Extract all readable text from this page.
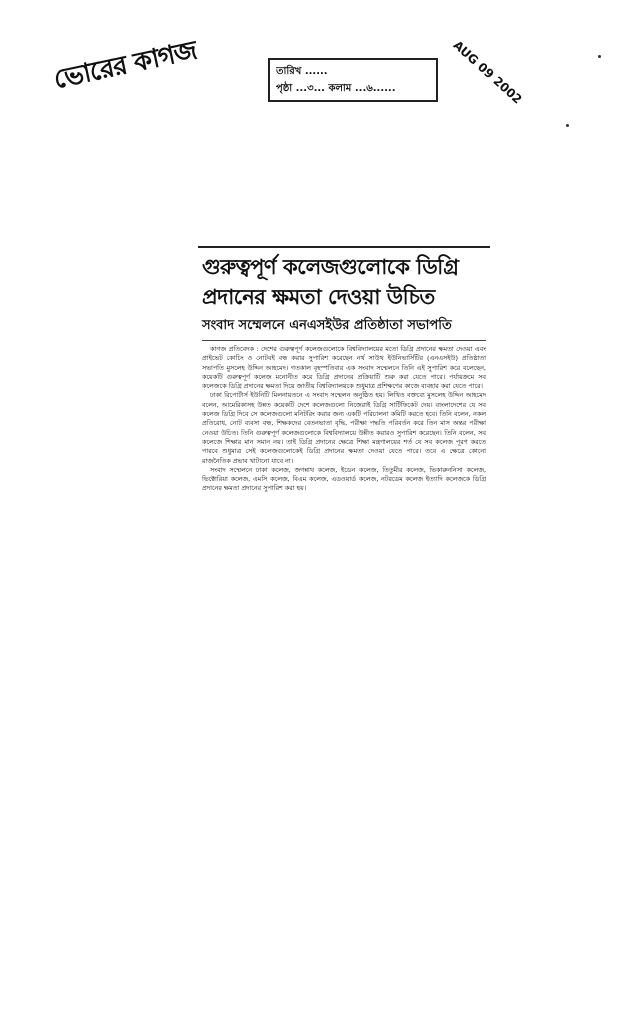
ভোরের কাগজ	তারিখ ......
পৃষ্ঠা ...৩... কলাম ...৬......	AUG 09 2002
গুরুত্বপূর্ণ কলেজগুলোকে ডিগ্রি
প্রদানের ক্ষমতা দেওয়া উচিত
সংবাদ সম্মেলনে এনএসইউর প্রতিষ্ঠাতা সভাপতি

কাগজ প্রতিবেদক : দেশের গুরুত্বপূর্ণ কলেজগুলোকে বিশ্ববিদ্যালয়ের মতো ডিগ্রি প্রদানের ক্ষমতা দেওয়া এবং প্রাইভেট কোচিং ও নোটবই বন্ধ করার সুপারিশ করেছেন নর্থ সাউথ ইউনিভার্সিটির (এনএসইউ) প্রতিষ্ঠাতা সভাপতি মুসলেহ উদ্দিন আহমেদ। গতকাল বৃহস্পতিবার এক সংবাদ সম্মেলনে তিনি এই সুপারিশ করে বলেছেন, কয়েকটি গুরুত্বপূর্ণ কলেজ মনোনীত করে ডিগ্রি প্রদানের প্রক্রিয়াটি শুরু করা যেতে পারে। পর্যায়ক্রমে সব কলেজকে ডিগ্রি প্রদানের ক্ষমতা দিয়ে জাতীয় বিশ্ববিদ্যালয়কে শুধুমাত্র প্রশিক্ষণের কাজে ব্যবহার করা যেতে পারে।

ঢাকা রিপোর্টার্স ইউনিটি মিলনায়তনে এ সংবাদ সম্মেলন অনুষ্ঠিত হয়। লিখিত বক্তব্যে মুসলেহ উদ্দিন আহমেদ বলেন, আমেরিকাসহ উন্নত কয়েকটি দেশে কলেজগুলো নিজেরাই ডিগ্রি সার্টিফিকেট দেয়। বাংলাদেশের যে সব কলেজ ডিগ্রি দিবে সে কলেজগুলো মনিটরিং করার জন্য একটি পরিচালনা কমিটি করতে হবে। তিনি বলেন, নকল প্রতিরোধ, নোট ব্যবসা বন্ধ, শিক্ষকদের বেতনভাতা বৃদ্ধি, পরীক্ষা পদ্ধতি পরিবর্তন করে তিন মাস অন্তর পরীক্ষা নেওয়া উচিত। তিনি গুরুত্বপূর্ণ কলেজগুলোকে বিশ্ববিদ্যালয়ে উন্নীত করারও সুপারিশ করেছেন। তিনি বলেন, সব কলেজে শিক্ষার মান সমান নয়। তাই ডিগ্রি প্রদানের ক্ষেত্রে শিক্ষা মন্ত্রণালয়ের শর্ত যে সব কলেজ পূরণ করতে পারবে শুধুমাত্র সেই কলেজগুলোকেই ডিগ্রি প্রদানের ক্ষমতা দেওয়া যেতে পারে। তবে এ ক্ষেত্রে কোনো রাজনৈতিক প্রভাব খাটানো যাবে না।

সংবাদ সম্মেলনে ঢাকা কলেজ, জগন্নাথ কলেজ, ইডেন কলেজ, তিতুমীর কলেজ, ভিকারুননিসা কলেজ, ভিক্টোরিয়া কলেজ, এমসি কলেজ, বিএম কলেজ, এডওয়ার্ড কলেজ, নটরডেম কলেজ ইত্যাদি কলেজকে ডিগ্রি প্রদানের ক্ষমতা প্রদানের সুপারিশ করা হয়।
